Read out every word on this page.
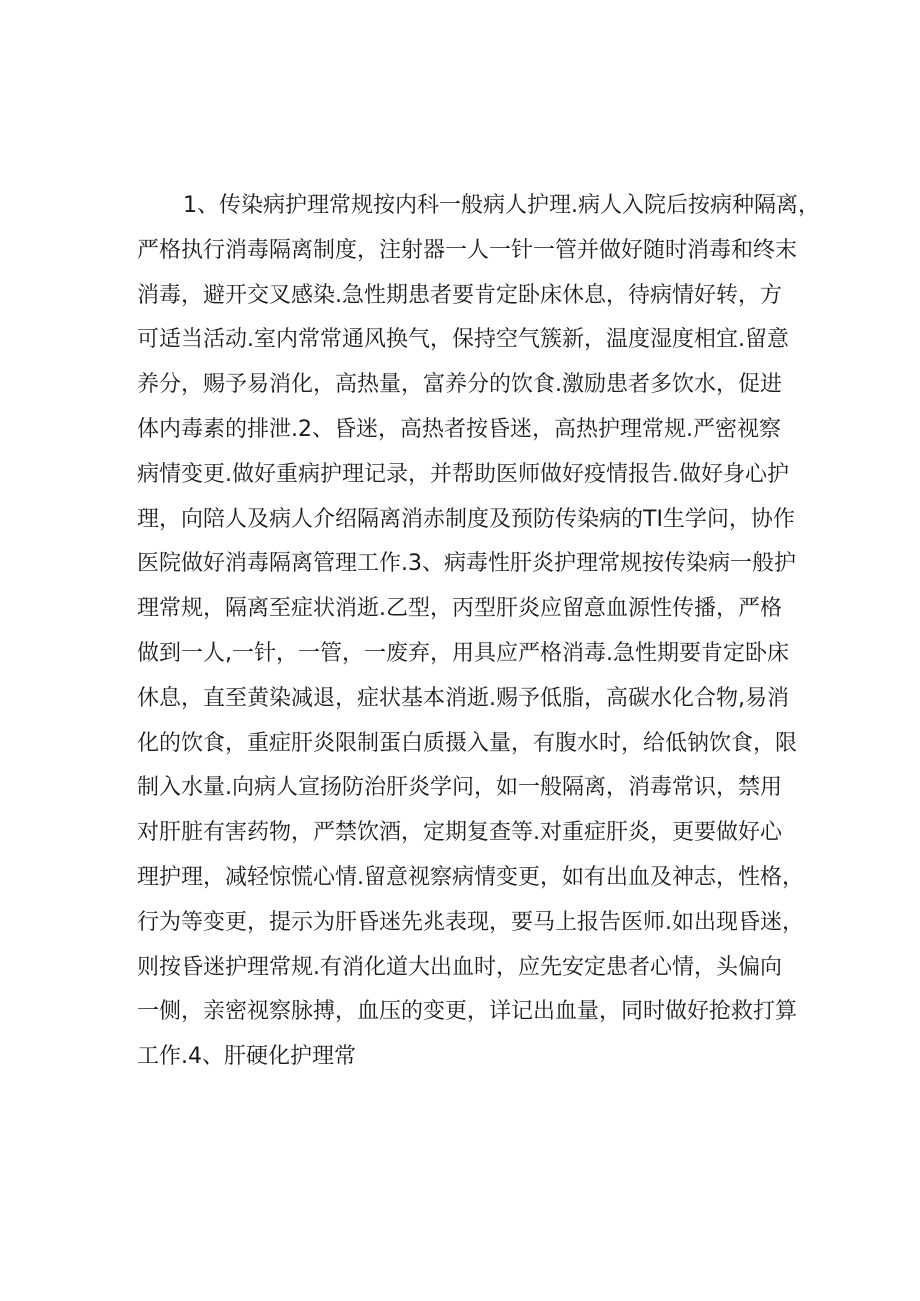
1、传染病护理常规按内科一般病人护理.病人入院后按病种隔离，
严格执行消毒隔离制度，注射器一人一针一管并做好随时消毒和终末
消毒，避开交叉感染.急性期患者要肯定卧床休息，待病情好转，方
可适当活动.室内常常通风换气，保持空气簇新，温度湿度相宜.留意
养分，赐予易消化，高热量，富养分的饮食.激励患者多饮水，促进
体内毒素的排泄.2、昏迷，高热者按昏迷，高热护理常规.严密视察
病情变更.做好重病护理记录，并帮助医师做好疫情报告.做好身心护
理，向陪人及病人介绍隔离消赤制度及预防传染病的TI生学问，协作
医院做好消毒隔离管理工作.3、病毒性肝炎护理常规按传染病一般护
理常规，隔离至症状消逝.乙型，丙型肝炎应留意血源性传播，严格
做到一人,一针，一管，一废弃，用具应严格消毒.急性期要肯定卧床
休息，直至黄染减退，症状基本消逝.赐予低脂，高碳水化合物,易消
化的饮食，重症肝炎限制蛋白质摄入量，有腹水时，给低钠饮食，限
制入水量.向病人宣扬防治肝炎学问，如一般隔离，消毒常识，禁用
对肝脏有害药物，严禁饮酒，定期复查等.对重症肝炎，更要做好心
理护理，减轻惊慌心情.留意视察病情变更，如有出血及神志，性格，
行为等变更，提示为肝昏迷先兆表现，要马上报告医师.如出现昏迷，
则按昏迷护理常规.有消化道大出血时，应先安定患者心情，头偏向
一侧，亲密视察脉搏，血压的变更，详记出血量，同时做好抢救打算
工作.4、肝硬化护理常
